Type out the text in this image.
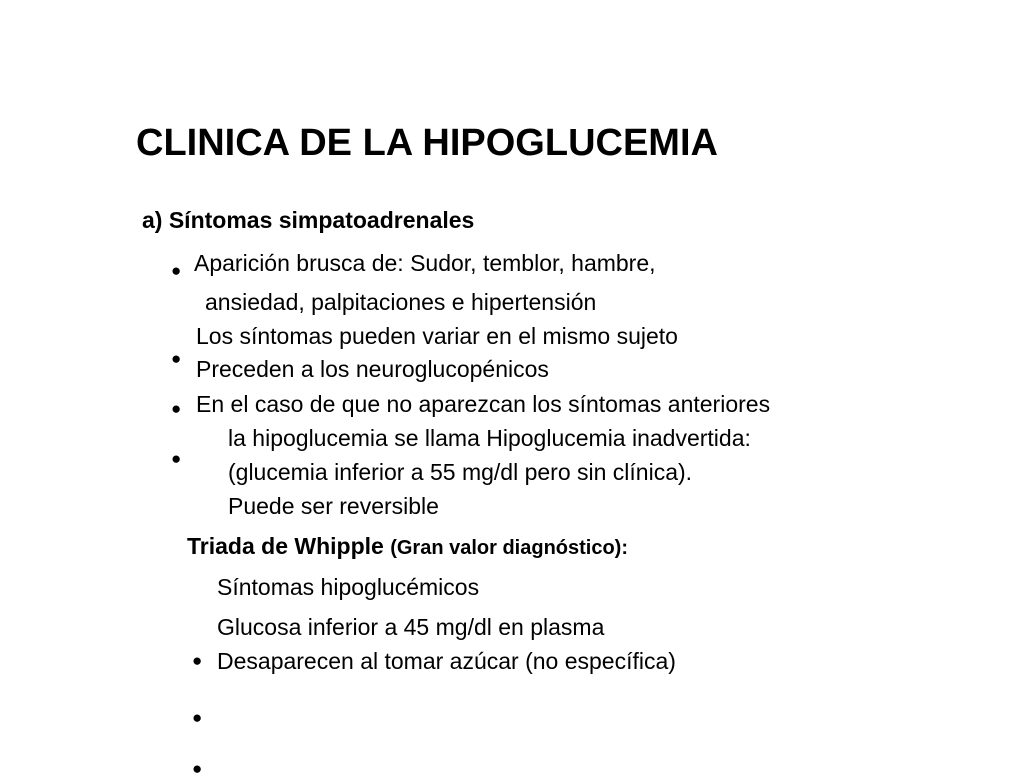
CLINICA DE LA HIPOGLUCEMIA
a) Síntomas simpatoadrenales
● Aparición brusca de: Sudor, temblor, hambre,
ansiedad, palpitaciones e hipertensión
●
Los síntomas pueden variar en el mismo sujeto
●
Preceden a los neuroglucopénicos
●
En el caso de que no aparezcan los síntomas anteriores
la hipoglucemia se llama Hipoglucemia inadvertida:
(glucemia inferior a 55 mg/dl pero sin clínica).
Puede ser reversible
Triada de Whipple (Gran valor diagnóstico):
●
Síntomas hipoglucémicos
●
Glucosa inferior a 45 mg/dl en plasma
●
Desaparecen al tomar azúcar (no específica)
